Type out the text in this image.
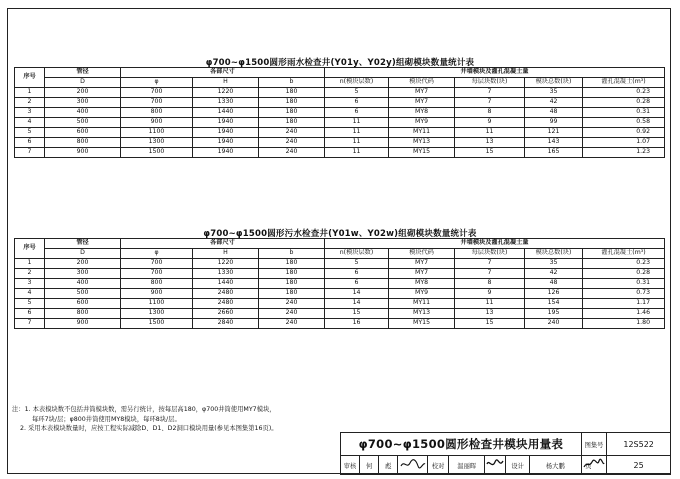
φ700~φ1500圆形雨水检查井(Y01y、Y02y)组砌模块数量统计表
序号	管径	各部尺寸			井墙模块及灌孔混凝土量				
	D	φ	H	b	n(模块层数)	模块代码	每层块数(块)	模块总数(块)	灌孔混凝土(m³)
1	200	700	1220	180	5	MY7	7	35	0.23
2	300	700	1330	180	6	MY7	7	42	0.28
3	400	800	1440	180	6	MY8	8	48	0.31
4	500	900	1940	180	11	MY9	9	99	0.58
5	600	1100	1940	240	11	MY11	11	121	0.92
6	800	1300	1940	240	11	MY13	13	143	1.07
7	900	1500	1940	240	11	MY15	15	165	1.23
φ700~φ1500圆形污水检查井(Y01w、Y02w)组砌模块数量统计表
序号	管径	各部尺寸			井墙模块及灌孔混凝土量				
	D	φ	H	b	n(模块层数)	模块代码	每层块数(块)	模块总数(块)	灌孔混凝土(m³)
1	200	700	1220	180	5	MY7	7	35	0.23
2	300	700	1330	180	6	MY7	7	42	0.28
3	400	800	1440	180	6	MY8	8	48	0.31
4	500	900	2480	180	14	MY9	9	126	0.73
5	600	1100	2480	240	14	MY11	11	154	1.17
6	800	1300	2660	240	15	MY13	13	195	1.46
7	900	1500	2840	240	16	MY15	15	240	1.80
注：1. 本表模块数不包括井筒模块数，需另行统计，按每层高180，φ700井筒使用MY7模块，
每环7块/层；φ800井筒使用MY8模块，每环8块/层。
2. 采用本表模块数量时，应按工程实际减除D、D1、D2洞口模块用量(参见本图集第16页)。
φ700~φ1500圆形检查井模块用量表									图集号	12S522
审核	何	彪		校对	温丽晖		设计	杨大鹏		页 25
